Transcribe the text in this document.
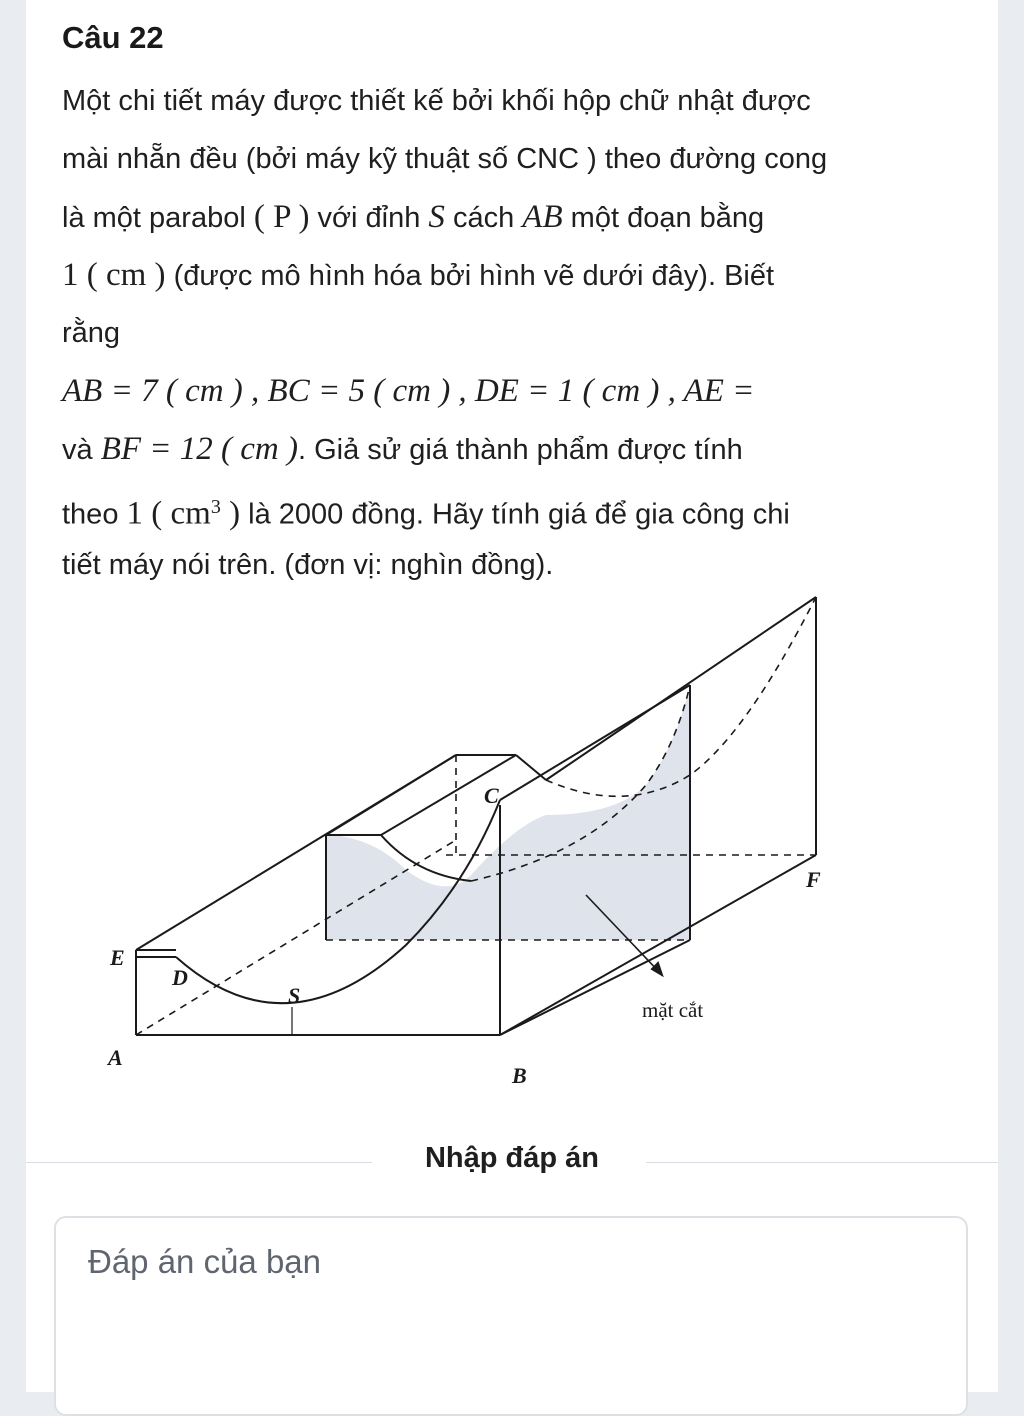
Câu 22
Một chi tiết máy được thiết kế bởi khối hộp chữ nhật được
mài nhẵn đều (bởi máy kỹ thuật số CNC ) theo đường cong
là một parabol ( P ) với đỉnh S cách AB một đoạn bằng
1 ( cm ) (được mô hình hóa bởi hình vẽ dưới đây). Biết
rằng
AB = 7 ( cm ) , BC = 5 ( cm ) , DE = 1 ( cm ) , AE =
và BF = 12 ( cm ). Giả sử giá thành phẩm được tính
theo 1 ( $cm^3$ ) là 2000 đồng. Hãy tính giá để gia công chi
tiết máy nói trên. (đơn vị: nghìn đồng).
E
D
A
S
B
C
F
mặt cắt
Nhập đáp án
Đáp án của bạn
